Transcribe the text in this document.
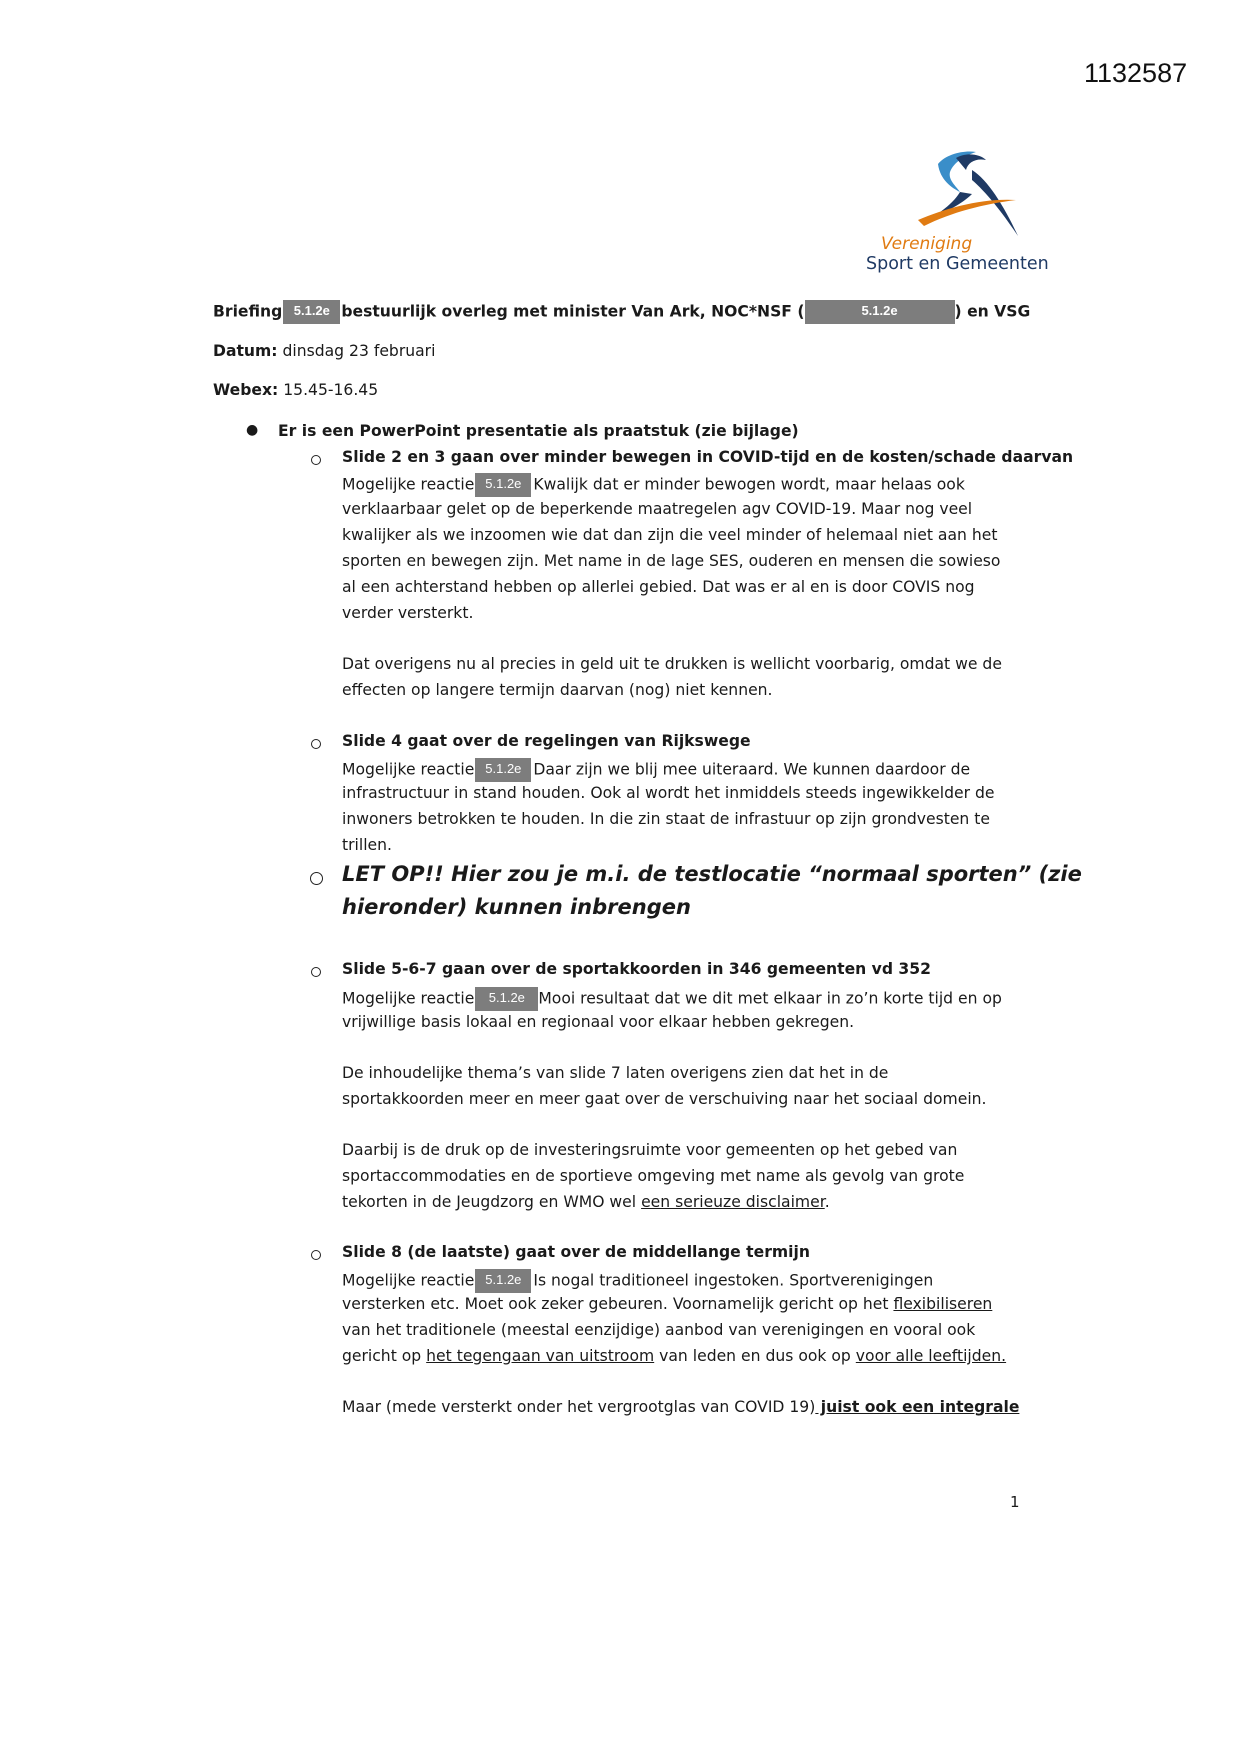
1132587
Vereniging
Sport en Gemeenten
Briefing 5.1.2e bestuurlijk overleg met minister Van Ark, NOC*NSF (	5.1.2e	) en VSG
Datum: dinsdag 23 februari
Webex: 15.45-16.45
● Er is een PowerPoint presentatie als praatstuk (zie bijlage)
Slide 2 en 3 gaan over minder bewegen in COVID-tijd en de kosten/schade daarvan
Mogelijke reactie 5.1.2e Kwalijk dat er minder bewogen wordt, maar helaas ook
verklaarbaar gelet op de beperkende maatregelen agv COVID-19. Maar nog veel
kwalijker als we inzoomen wie dat dan zijn die veel minder of helemaal niet aan het
sporten en bewegen zijn. Met name in de lage SES, ouderen en mensen die sowieso
al een achterstand hebben op allerlei gebied. Dat was er al en is door COVIS nog
verder versterkt.
Dat overigens nu al precies in geld uit te drukken is wellicht voorbarig, omdat we de
effecten op langere termijn daarvan (nog) niet kennen.
Slide 4 gaat over de regelingen van Rijkswege
Mogelijke reactie 5.1.2e Daar zijn we blij mee uiteraard. We kunnen daardoor de
infrastructuur in stand houden. Ook al wordt het inmiddels steeds ingewikkelder de
inwoners betrokken te houden. In die zin staat de infrastuur op zijn grondvesten te
trillen.
LET OP!! Hier zou je m.i. de testlocatie “normaal sporten” (zie
hieronder) kunnen inbrengen
Slide 5-6-7 gaan over de sportakkoorden in 346 gemeenten vd 352
Mogelijke reactie 5.1.2e Mooi resultaat dat we dit met elkaar in zo’n korte tijd en op
vrijwillige basis lokaal en regionaal voor elkaar hebben gekregen.
De inhoudelijke thema’s van slide 7 laten overigens zien dat het in de
sportakkoorden meer en meer gaat over de verschuiving naar het sociaal domein.
Daarbij is de druk op de investeringsruimte voor gemeenten op het gebed van
sportaccommodaties en de sportieve omgeving met name als gevolg van grote
tekorten in de Jeugdzorg en WMO wel een serieuze disclaimer.
Slide 8 (de laatste) gaat over de middellange termijn
Mogelijke reactie 5.1.2e Is nogal traditioneel ingestoken. Sportverenigingen
versterken etc. Moet ook zeker gebeuren. Voornamelijk gericht op het flexibiliseren
van het traditionele (meestal eenzijdige) aanbod van verenigingen en vooral ook
gericht op het tegengaan van uitstroom van leden en dus ook op voor alle leeftijden.
Maar (mede versterkt onder het vergrootglas van COVID 19) juist ook een integrale
1
